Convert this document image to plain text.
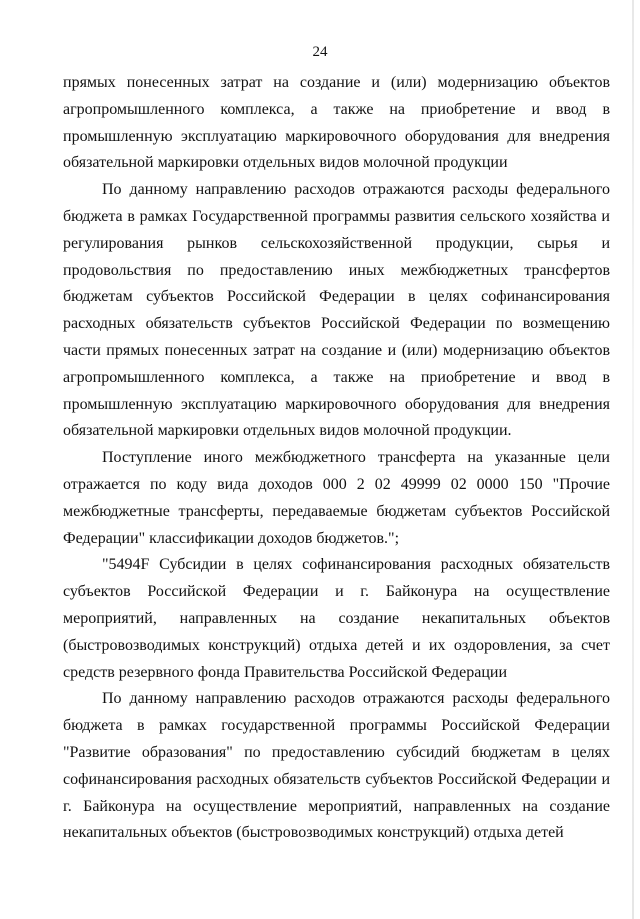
24

прямых понесенных затрат на создание и (или) модернизацию объектов агропромышленного комплекса, а также на приобретение и ввод в промышленную эксплуатацию маркировочного оборудования для внедрения обязательной маркировки отдельных видов молочной продукции

По данному направлению расходов отражаются расходы федерального бюджета в рамках Государственной программы развития сельского хозяйства и регулирования рынков сельскохозяйственной продукции, сырья и продовольствия по предоставлению иных межбюджетных трансфертов бюджетам субъектов Российской Федерации в целях софинансирования расходных обязательств субъектов Российской Федерации по возмещению части прямых понесенных затрат на создание и (или) модернизацию объектов агропромышленного комплекса, а также на приобретение и ввод в промышленную эксплуатацию маркировочного оборудования для внедрения обязательной маркировки отдельных видов молочной продукции.

Поступление иного межбюджетного трансферта на указанные цели отражается по коду вида доходов 000 2 02 49999 02 0000 150 "Прочие межбюджетные трансферты, передаваемые бюджетам субъектов Российской Федерации" классификации доходов бюджетов.";

"5494F Субсидии в целях софинансирования расходных обязательств субъектов Российской Федерации и г. Байконура на осуществление мероприятий, направленных на создание некапитальных объектов (быстровозводимых конструкций) отдыха детей и их оздоровления, за счет средств резервного фонда Правительства Российской Федерации

По данному направлению расходов отражаются расходы федерального бюджета в рамках государственной программы Российской Федерации "Развитие образования" по предоставлению субсидий бюджетам в целях софинансирования расходных обязательств субъектов Российской Федерации и г. Байконура на осуществление мероприятий, направленных на создание некапитальных объектов (быстровозводимых конструкций) отдыха детей
